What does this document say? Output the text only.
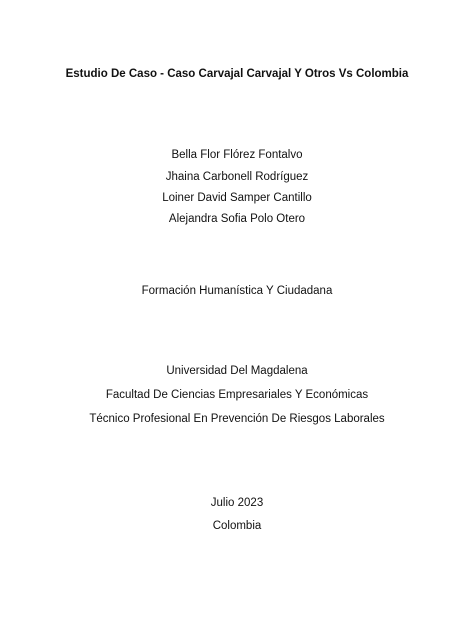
Estudio De Caso - Caso Carvajal Carvajal Y Otros Vs Colombia
Bella Flor Flórez Fontalvo
Jhaina Carbonell Rodríguez
Loiner David Samper Cantillo
Alejandra Sofia Polo Otero
Formación Humanística Y Ciudadana
Universidad Del Magdalena
Facultad De Ciencias Empresariales Y Económicas
Técnico Profesional En Prevención De Riesgos Laborales
Julio 2023
Colombia
